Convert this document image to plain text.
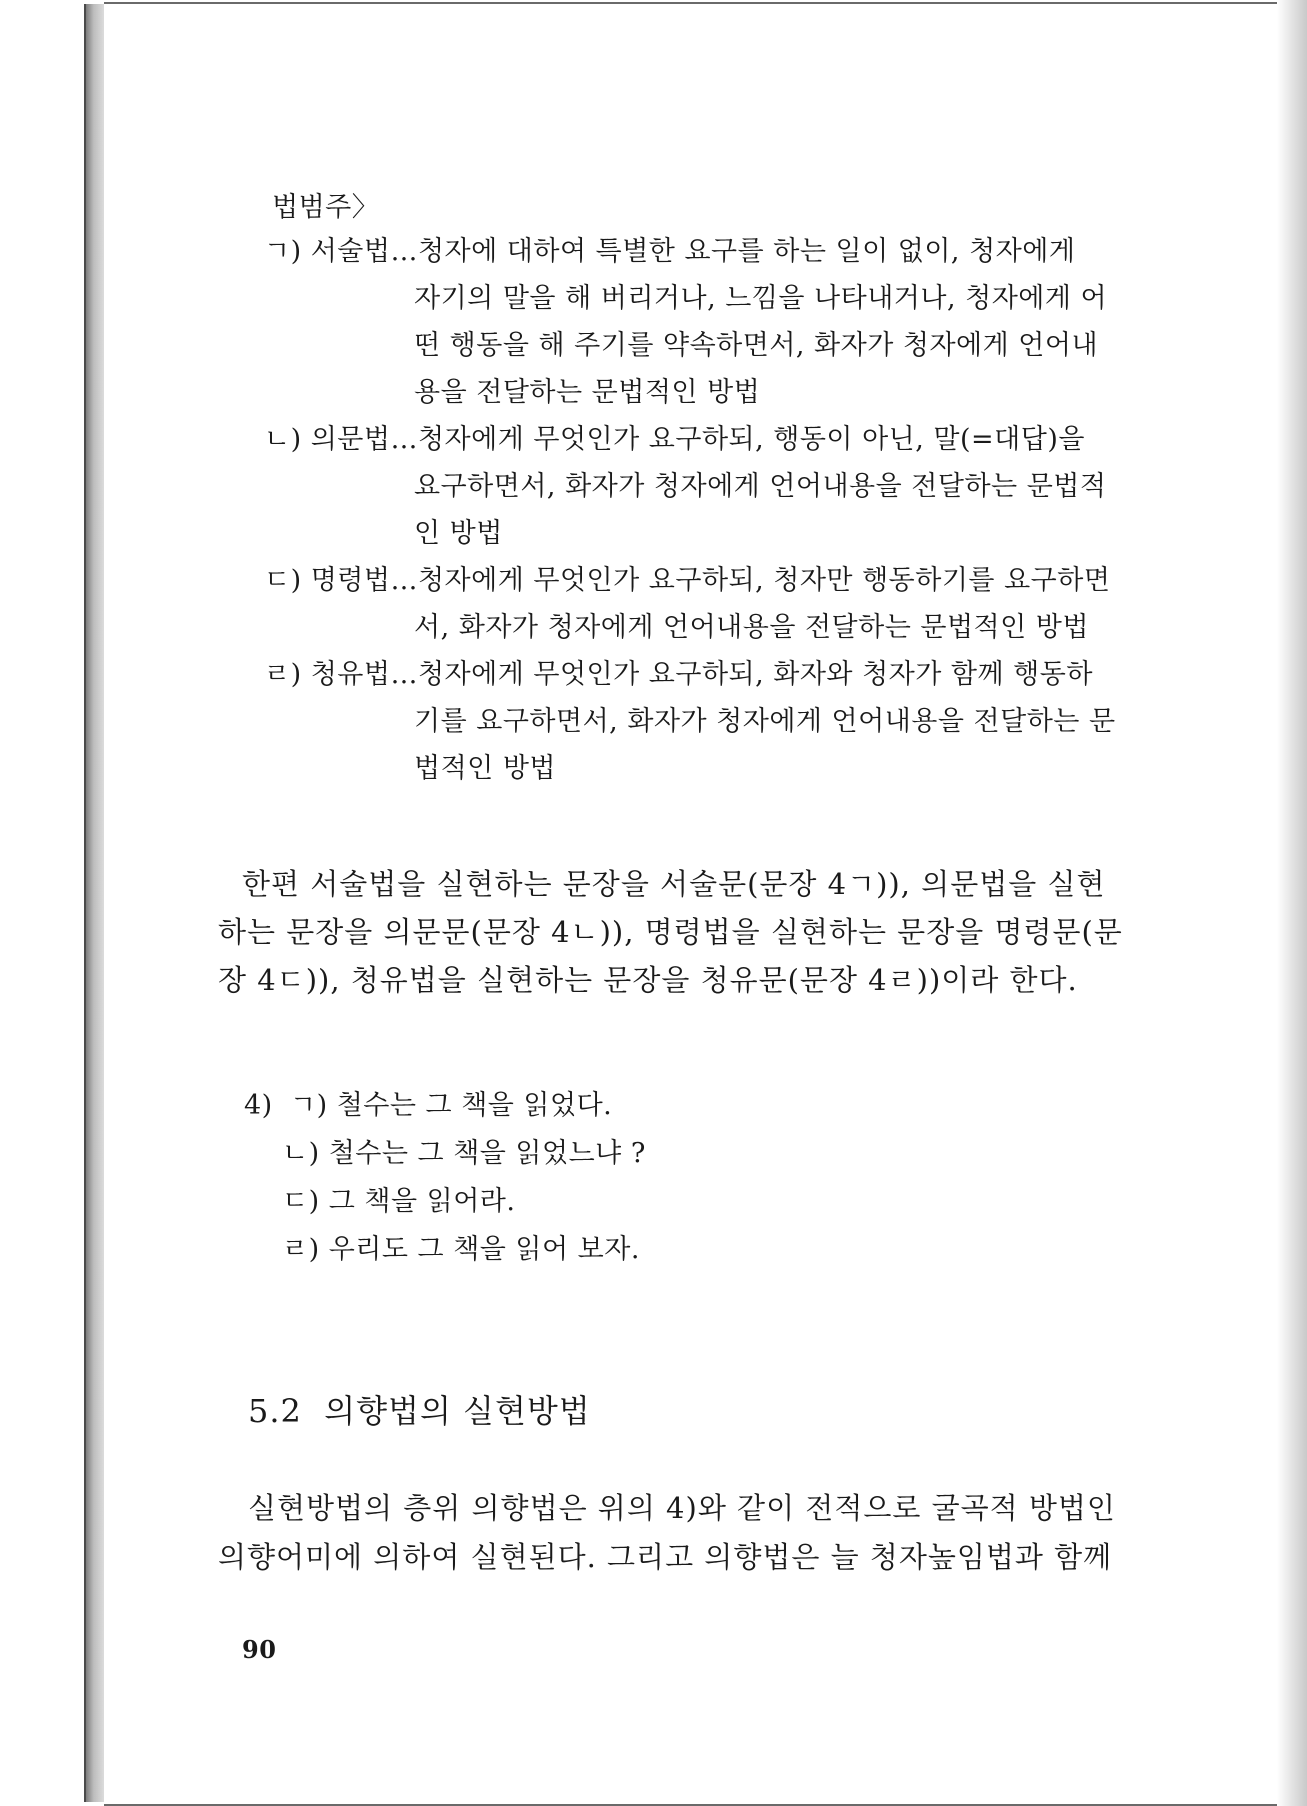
법범주〉
ㄱ) 서술법…청자에 대하여 특별한 요구를 하는 일이 없이, 청자에게
자기의 말을 해 버리거나, 느낌을 나타내거나, 청자에게 어
떤 행동을 해 주기를 약속하면서, 화자가 청자에게 언어내
용을 전달하는 문법적인 방법
ㄴ) 의문법…청자에게 무엇인가 요구하되, 행동이 아닌, 말(=대답)을
요구하면서, 화자가 청자에게 언어내용을 전달하는 문법적
인 방법
ㄷ) 명령법…청자에게 무엇인가 요구하되, 청자만 행동하기를 요구하면
서, 화자가 청자에게 언어내용을 전달하는 문법적인 방법
ㄹ) 청유법…청자에게 무엇인가 요구하되, 화자와 청자가 함께 행동하
기를 요구하면서, 화자가 청자에게 언어내용을 전달하는 문
법적인 방법
한편 서술법을 실현하는 문장을 서술문(문장 4ㄱ)), 의문법을 실현
하는 문장을 의문문(문장 4ㄴ)), 명령법을 실현하는 문장을 명령문(문
장 4ㄷ)), 청유법을 실현하는 문장을 청유문(문장 4ㄹ))이라 한다.
4) ㄱ) 철수는 그 책을 읽었다.
ㄴ) 철수는 그 책을 읽었느냐 ?
ㄷ) 그 책을 읽어라.
ㄹ) 우리도 그 책을 읽어 보자.
5.2 의향법의 실현방법
실현방법의 층위 의향법은 위의 4)와 같이 전적으로 굴곡적 방법인
의향어미에 의하여 실현된다. 그리고 의향법은 늘 청자높임법과 함께
90
